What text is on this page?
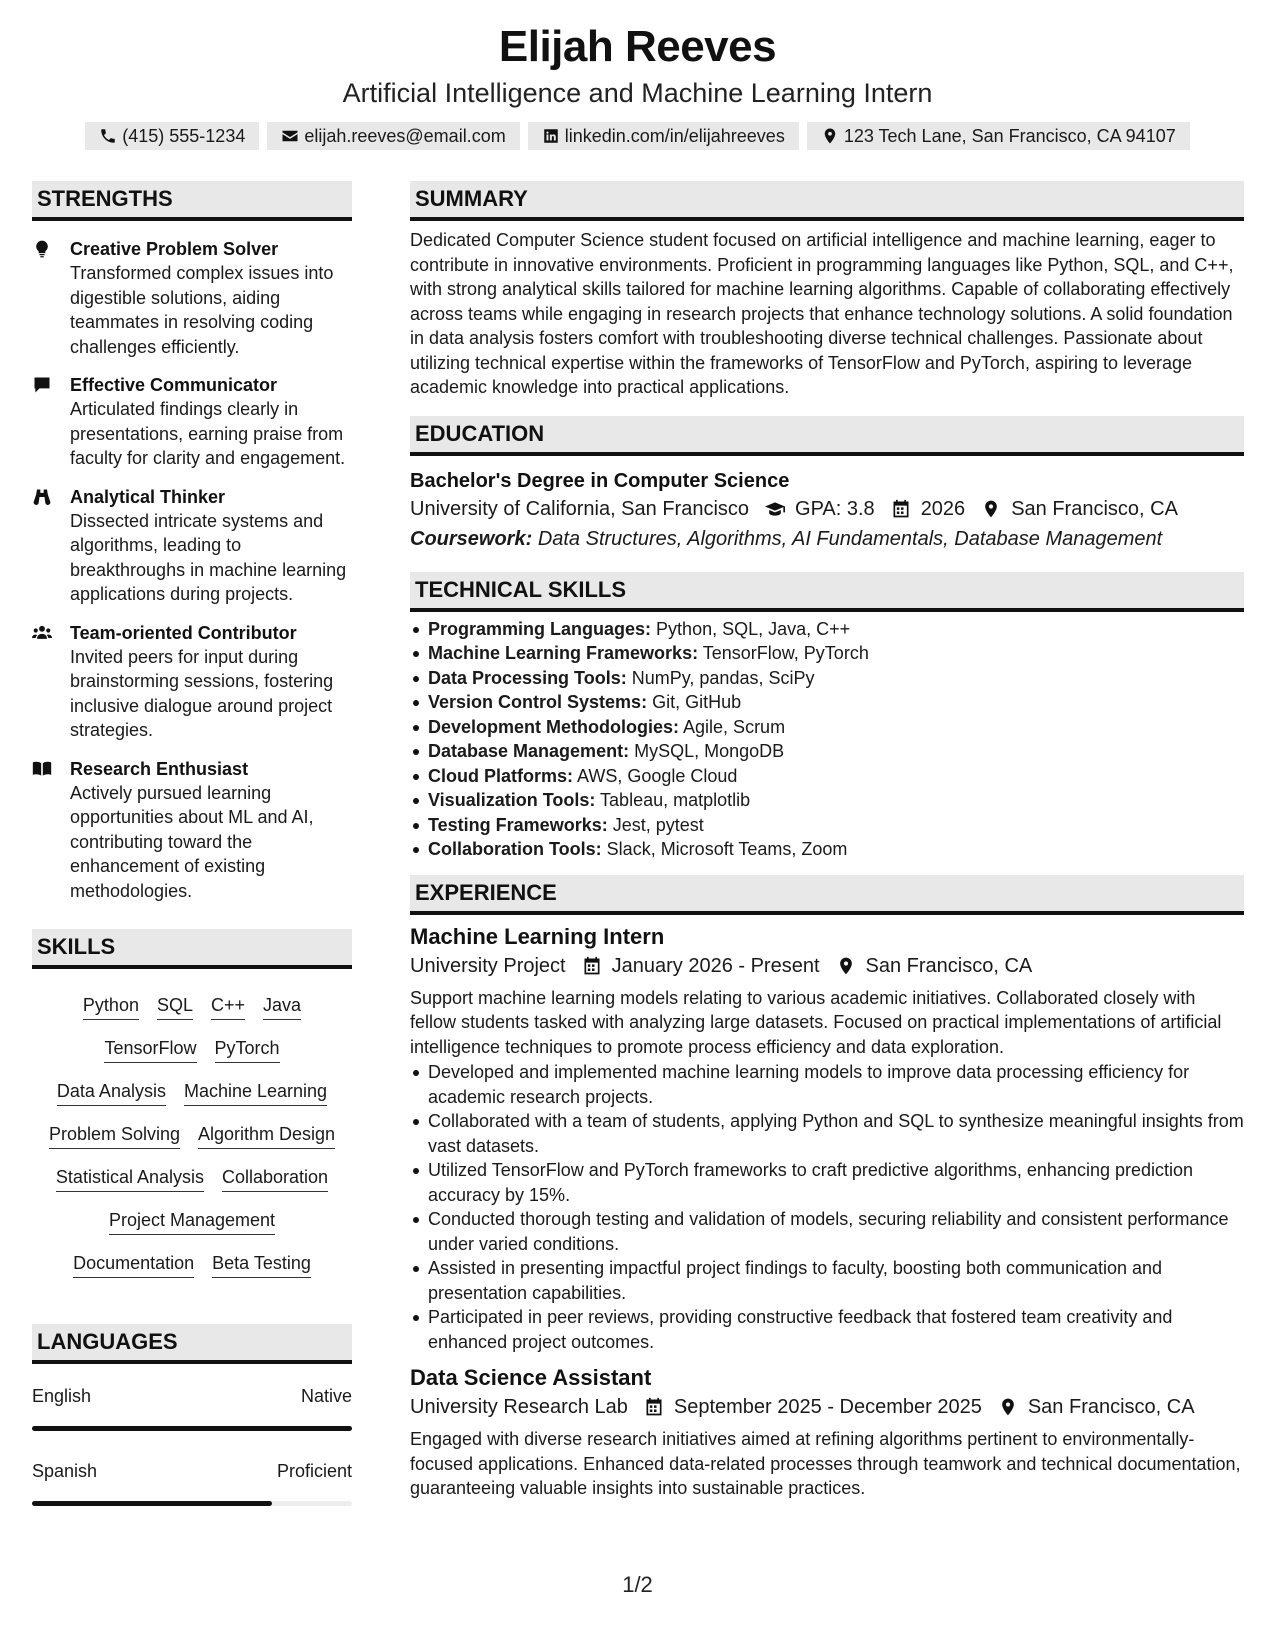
Elijah Reeves
Artificial Intelligence and Machine Learning Intern
(415) 555-1234	elijah.reeves@email.com	linkedin.com/in/elijahreeves	123 Tech Lane, San Francisco, CA 94107
STRENGTHS
Creative Problem Solver
Transformed complex issues into digestible solutions, aiding teammates in resolving coding challenges efficiently.
Effective Communicator
Articulated findings clearly in presentations, earning praise from faculty for clarity and engagement.
Analytical Thinker
Dissected intricate systems and algorithms, leading to breakthroughs in machine learning applications during projects.
Team-oriented Contributor
Invited peers for input during brainstorming sessions, fostering inclusive dialogue around project strategies.
Research Enthusiast
Actively pursued learning opportunities about ML and AI, contributing toward the enhancement of existing methodologies.
SKILLS
Python SQL C++ Java
TensorFlow PyTorch
Data Analysis Machine Learning
Problem Solving Algorithm Design
Statistical Analysis Collaboration
Project Management
Documentation Beta Testing
LANGUAGES
English	Native
Spanish	Proficient
SUMMARY
Dedicated Computer Science student focused on artificial intelligence and machine learning, eager to contribute in innovative environments. Proficient in programming languages like Python, SQL, and C++, with strong analytical skills tailored for machine learning algorithms. Capable of collaborating effectively across teams while engaging in research projects that enhance technology solutions. A solid foundation in data analysis fosters comfort with troubleshooting diverse technical challenges. Passionate about utilizing technical expertise within the frameworks of TensorFlow and PyTorch, aspiring to leverage academic knowledge into practical applications.
EDUCATION
Bachelor's Degree in Computer Science
University of California, San Francisco GPA: 3.8 2026 San Francisco, CA
Coursework: Data Structures, Algorithms, AI Fundamentals, Database Management
TECHNICAL SKILLS
Programming Languages: Python, SQL, Java, C++
Machine Learning Frameworks: TensorFlow, PyTorch
Data Processing Tools: NumPy, pandas, SciPy
Version Control Systems: Git, GitHub
Development Methodologies: Agile, Scrum
Database Management: MySQL, MongoDB
Cloud Platforms: AWS, Google Cloud
Visualization Tools: Tableau, matplotlib
Testing Frameworks: Jest, pytest
Collaboration Tools: Slack, Microsoft Teams, Zoom
EXPERIENCE
Machine Learning Intern
University Project January 2026 - Present San Francisco, CA
Support machine learning models relating to various academic initiatives. Collaborated closely with fellow students tasked with analyzing large datasets. Focused on practical implementations of artificial intelligence techniques to promote process efficiency and data exploration.
Developed and implemented machine learning models to improve data processing efficiency for academic research projects.
Collaborated with a team of students, applying Python and SQL to synthesize meaningful insights from vast datasets.
Utilized TensorFlow and PyTorch frameworks to craft predictive algorithms, enhancing prediction accuracy by 15%.
Conducted thorough testing and validation of models, securing reliability and consistent performance under varied conditions.
Assisted in presenting impactful project findings to faculty, boosting both communication and presentation capabilities.
Participated in peer reviews, providing constructive feedback that fostered team creativity and enhanced project outcomes.
Data Science Assistant
University Research Lab September 2025 - December 2025 San Francisco, CA
Engaged with diverse research initiatives aimed at refining algorithms pertinent to environmentally-focused applications. Enhanced data-related processes through teamwork and technical documentation, guaranteeing valuable insights into sustainable practices.
1/2
